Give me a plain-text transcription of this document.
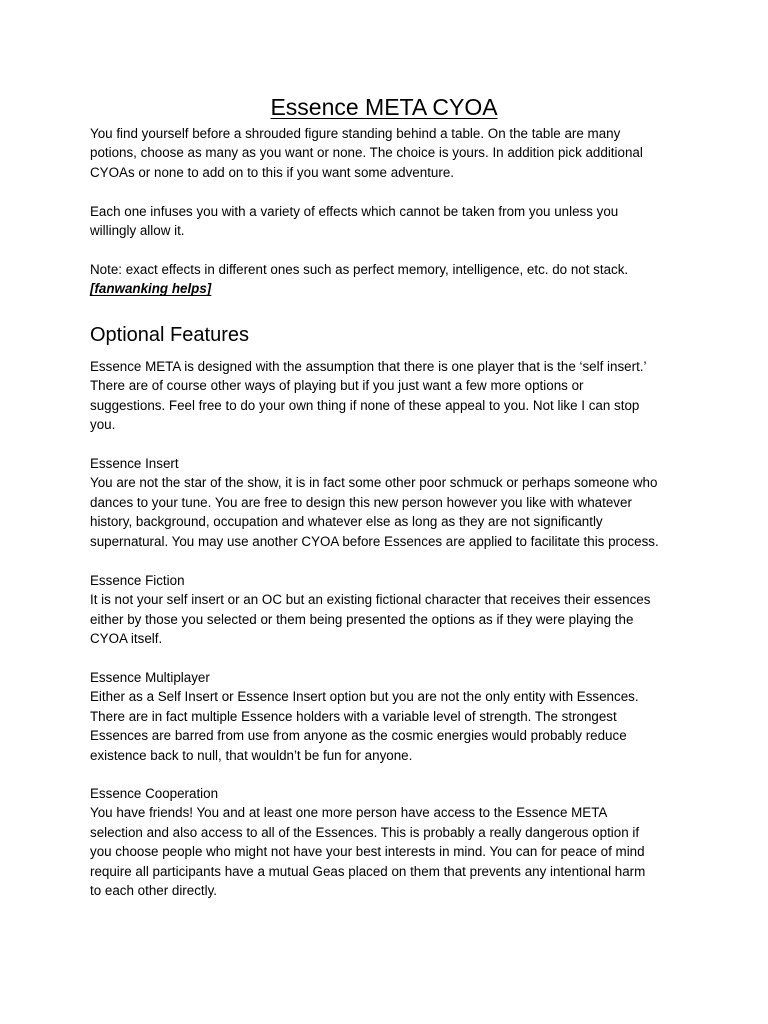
Essence META CYOA
You find yourself before a shrouded figure standing behind a table. On the table are many
potions, choose as many as you want or none. The choice is yours. In addition pick additional
CYOAs or none to add on to this if you want some adventure.
Each one infuses you with a variety of effects which cannot be taken from you unless you
willingly allow it.
Note: exact effects in different ones such as perfect memory, intelligence, etc. do not stack.
[fanwanking helps]
Optional Features
Essence META is designed with the assumption that there is one player that is the ‘self insert.’
There are of course other ways of playing but if you just want a few more options or
suggestions. Feel free to do your own thing if none of these appeal to you. Not like I can stop
you.
Essence Insert
You are not the star of the show, it is in fact some other poor schmuck or perhaps someone who
dances to your tune. You are free to design this new person however you like with whatever
history, background, occupation and whatever else as long as they are not significantly
supernatural. You may use another CYOA before Essences are applied to facilitate this process.
Essence Fiction
It is not your self insert or an OC but an existing fictional character that receives their essences
either by those you selected or them being presented the options as if they were playing the
CYOA itself.
Essence Multiplayer
Either as a Self Insert or Essence Insert option but you are not the only entity with Essences.
There are in fact multiple Essence holders with a variable level of strength. The strongest
Essences are barred from use from anyone as the cosmic energies would probably reduce
existence back to null, that wouldn’t be fun for anyone.
Essence Cooperation
You have friends! You and at least one more person have access to the Essence META
selection and also access to all of the Essences. This is probably a really dangerous option if
you choose people who might not have your best interests in mind. You can for peace of mind
require all participants have a mutual Geas placed on them that prevents any intentional harm
to each other directly.
